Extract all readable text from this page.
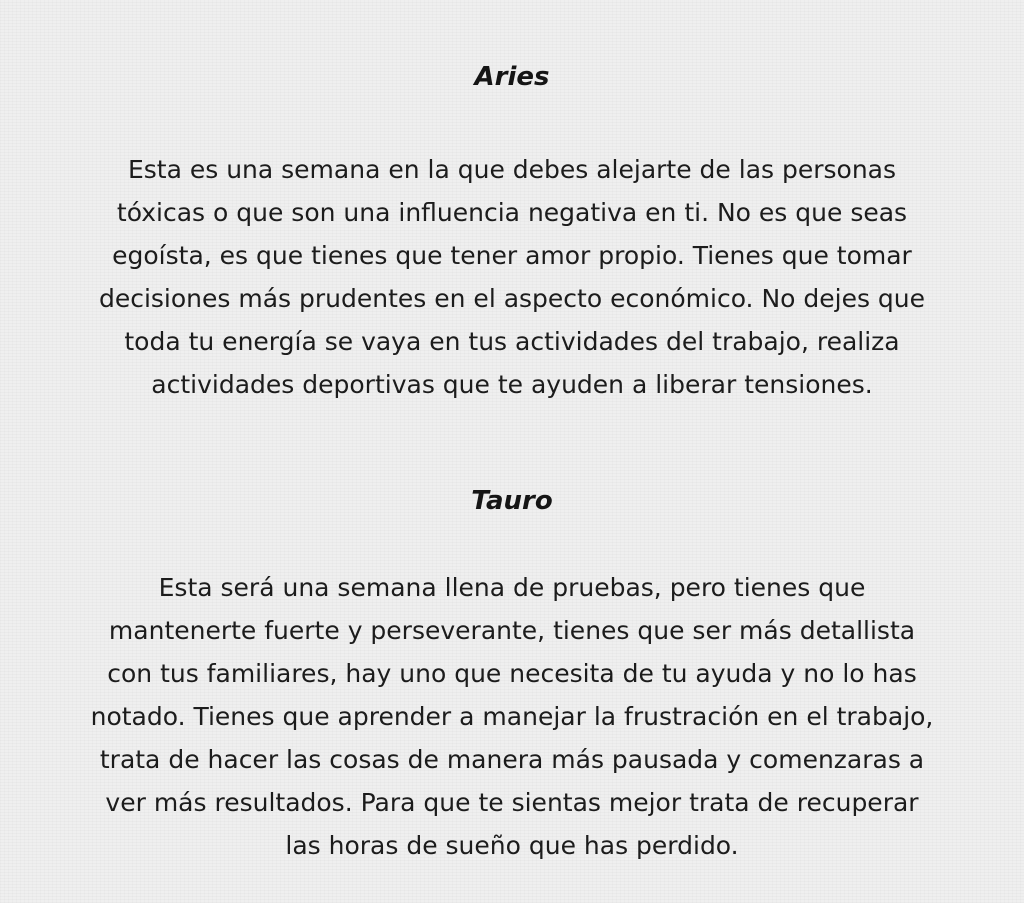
Aries

Esta es una semana en la que debes alejarte de las personas
tóxicas o que son una influencia negativa en ti. No es que seas
egoísta, es que tienes que tener amor propio. Tienes que tomar
decisiones más prudentes en el aspecto económico. No dejes que
toda tu energía se vaya en tus actividades del trabajo, realiza
actividades deportivas que te ayuden a liberar tensiones.

Tauro

Esta será una semana llena de pruebas, pero tienes que
mantenerte fuerte y perseverante, tienes que ser más detallista
con tus familiares, hay uno que necesita de tu ayuda y no lo has
notado. Tienes que aprender a manejar la frustración en el trabajo,
trata de hacer las cosas de manera más pausada y comenzaras a
ver más resultados. Para que te sientas mejor trata de recuperar
las horas de sueño que has perdido.
